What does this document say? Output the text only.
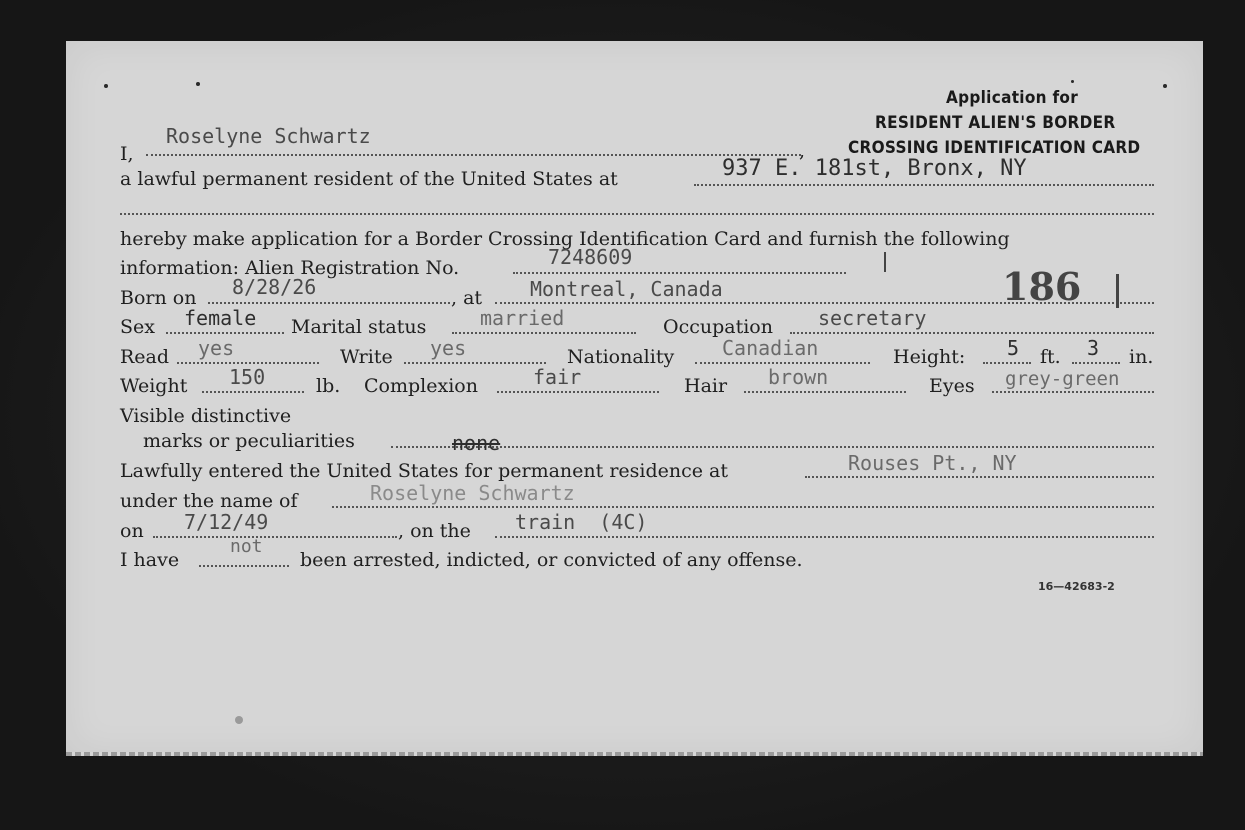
Application for
RESIDENT ALIEN'S BORDER
CROSSING IDENTIFICATION CARD
I,	,
Roselyne Schwartz
a lawful permanent resident of the United States at	937 E. 181st, Bronx, NY
hereby make application for a Border Crossing Identification Card and furnish the following
information: Alien Registration No.	7248609
Born on 8/28/26	, at Montreal, Canada	186
Sex female Marital status	married	Occupation secretary
Read yes	Write yes	Nationality Canadian	Height: 5 ft. 3 in.
Weight 150	lb. Complexion	fair	Hair brown	Eyes grey-green
Visible distinctive
marks or peculiarities	none
Lawfully entered the United States for permanent residence at	Rouses Pt., NY
under the name of	Roselyne Schwartz
on 7/12/49	, on the train  (4C)
I have
not
been arrested, indicted, or convicted of any offense.
16—42683-2
